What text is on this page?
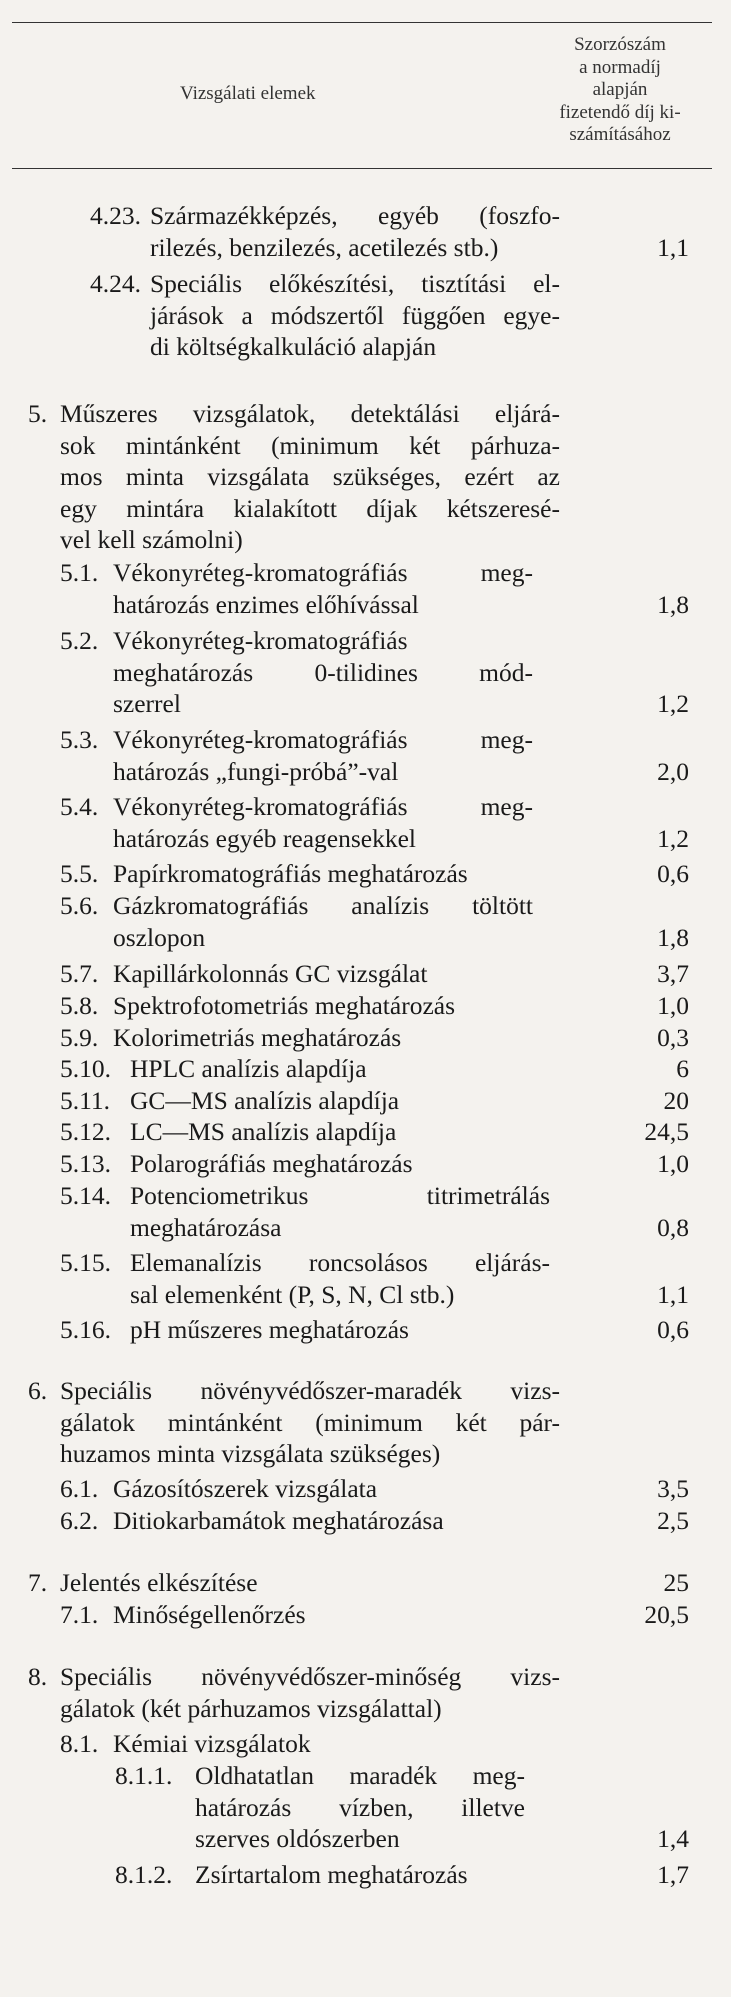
Vizsgálati elemek
Szorzószám
a normadíj
alapján
fizetendő díj ki-
számításához
4.23. Származékképzés, egyéb (foszfo-
rilezés, benzilezés, acetilezés stb.)	1,1
4.24. Speciális előkészítési, tisztítási el-
járások a módszertől függően egye-
di költségkalkuláció alapján
5. Műszeres vizsgálatok, detektálási eljárá-
sok mintánként (minimum két párhuza-
mos minta vizsgálata szükséges, ezért az
egy mintára kialakított díjak kétszeresé-
vel kell számolni)
5.1. Vékonyréteg-kromatográfiás meg-
határozás enzimes előhívással	1,8
5.2. Vékonyréteg-kromatográfiás
meghatározás 0-tilidines mód-
szerrel	1,2
5.3. Vékonyréteg-kromatográfiás meg-
határozás „fungi-próbá”-val	2,0
5.4. Vékonyréteg-kromatográfiás meg-
határozás egyéb reagensekkel	1,2
5.5. Papírkromatográfiás meghatározás	0,6
5.6. Gázkromatográfiás analízis töltött
oszlopon	1,8
5.7. Kapillárkolonnás GC vizsgálat	3,7
5.8. Spektrofotometriás meghatározás	1,0
5.9. Kolorimetriás meghatározás	0,3
5.10. HPLC analízis alapdíja	6
5.11. GC—MS analízis alapdíja	20
5.12. LC—MS analízis alapdíja	24,5
5.13. Polarográfiás meghatározás	1,0
5.14. Potenciometrikus titrimetrálás
meghatározása	0,8
5.15. Elemanalízis roncsolásos eljárás-
sal elemenként (P, S, N, Cl stb.)	1,1
5.16. pH műszeres meghatározás	0,6
6. Speciális növényvédőszer-maradék vizs-
gálatok mintánként (minimum két pár-
huzamos minta vizsgálata szükséges)
6.1. Gázosítószerek vizsgálata	3,5
6.2. Ditiokarbamátok meghatározása	2,5
7. Jelentés elkészítése	25
7.1. Minőségellenőrzés	20,5
8. Speciális növényvédőszer-minőség vizs-
gálatok (két párhuzamos vizsgálattal)
8.1. Kémiai vizsgálatok
8.1.1. Oldhatatlan maradék meg-
határozás vízben, illetve
szerves oldószerben	1,4
8.1.2. Zsírtartalom meghatározás	1,7
